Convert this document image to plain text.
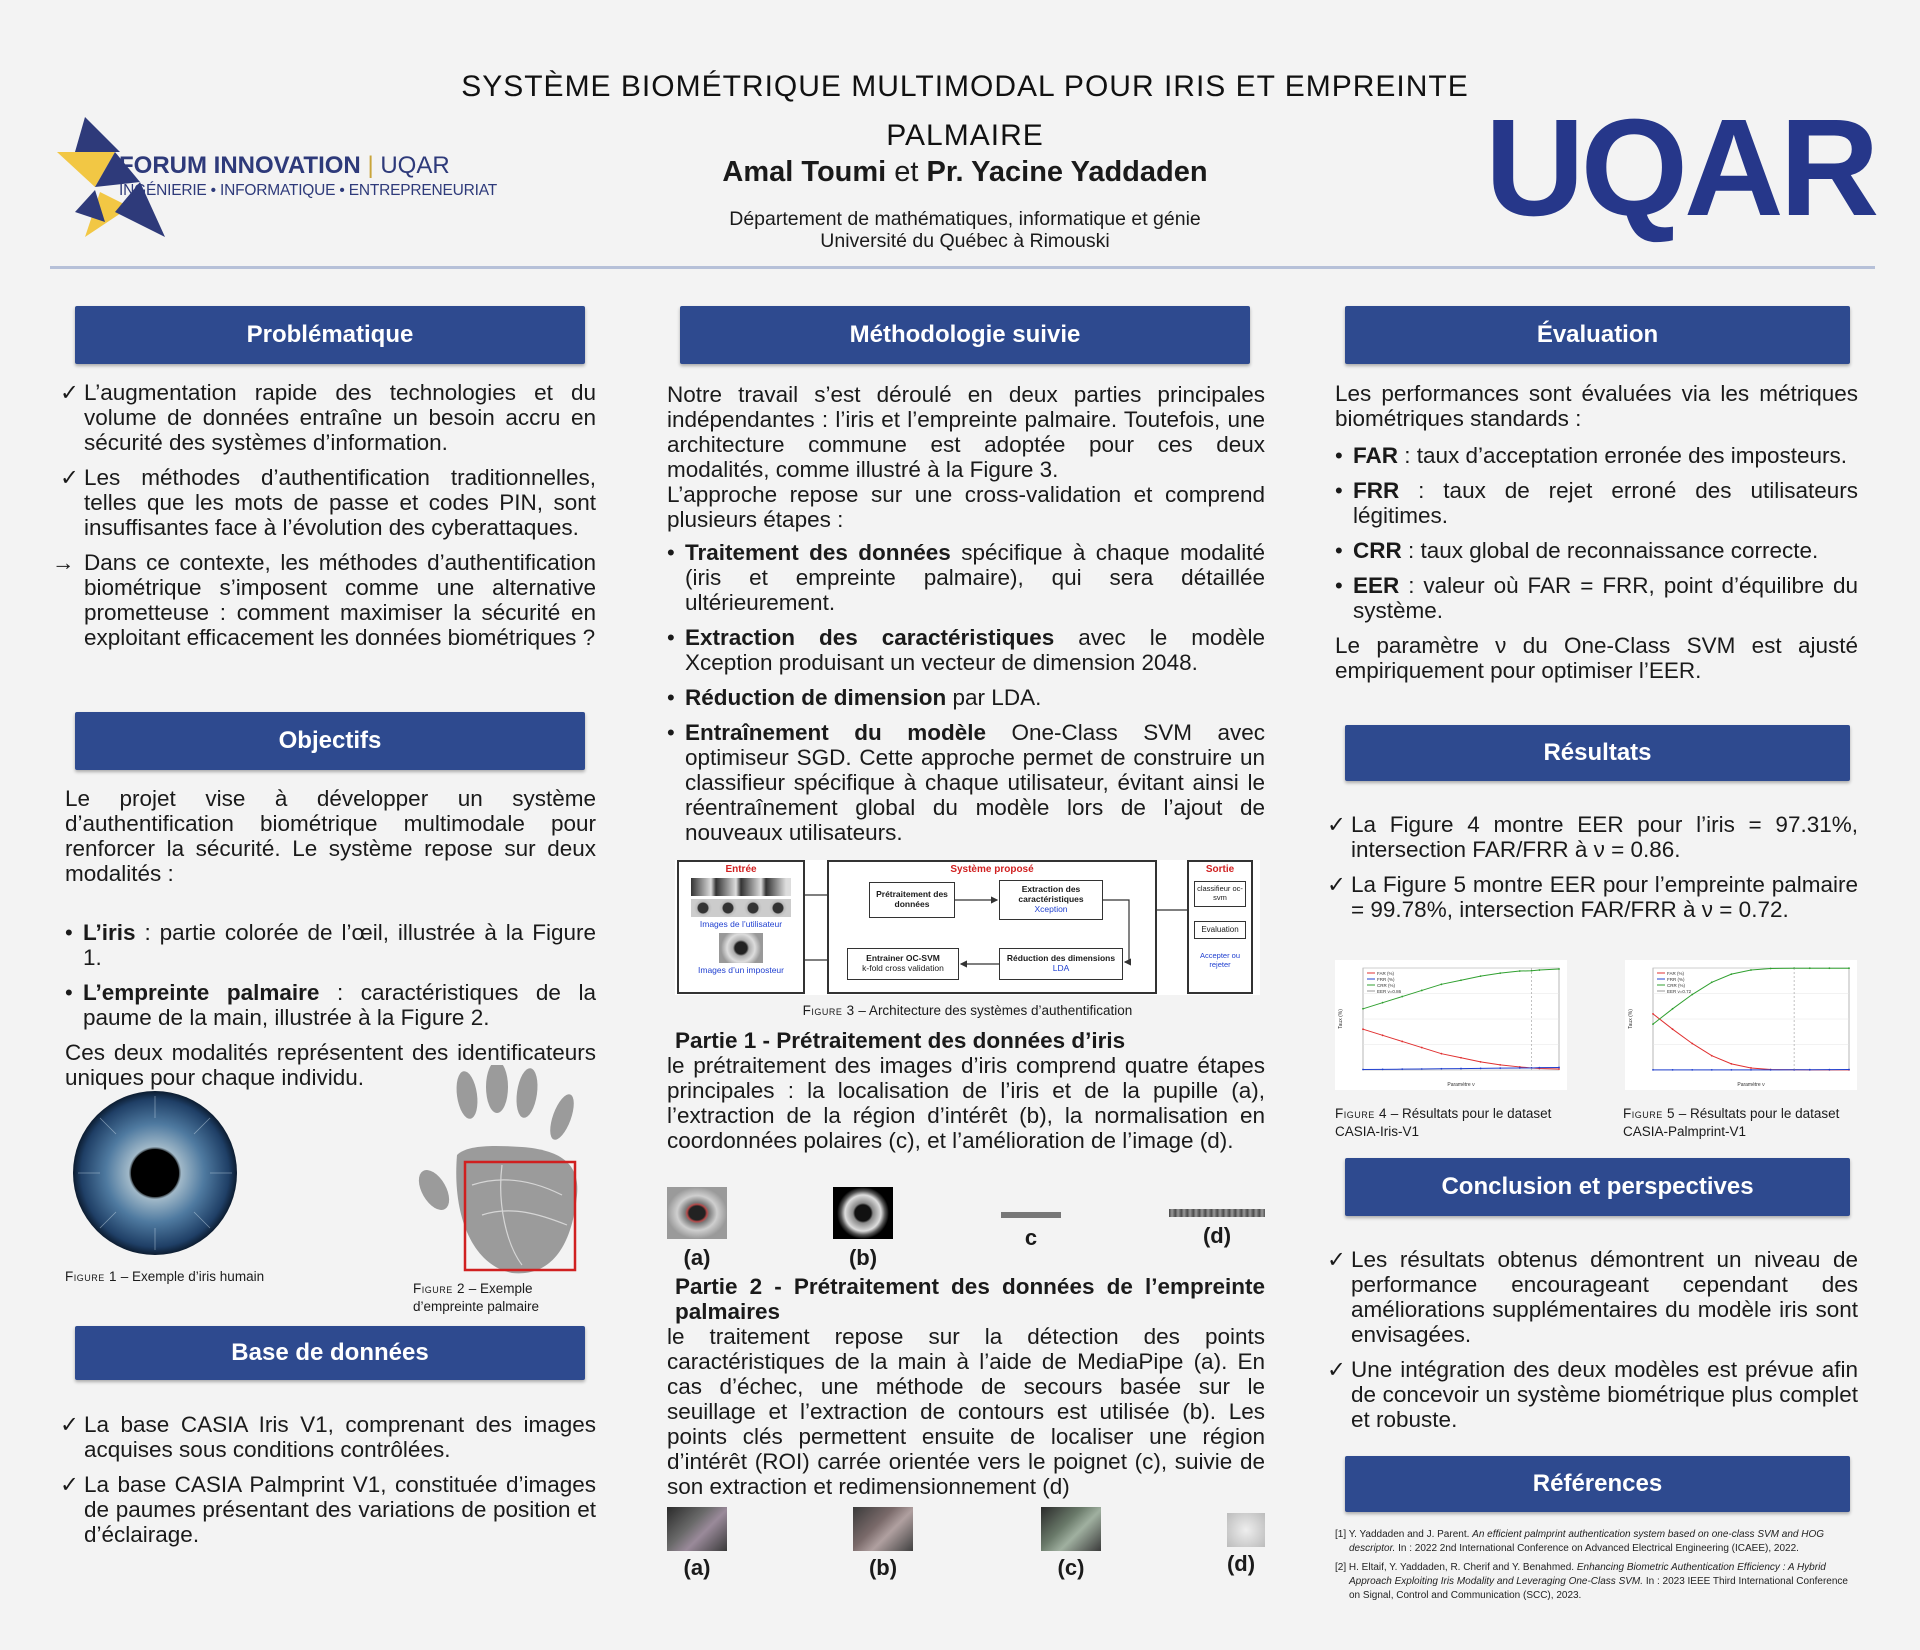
FORUM INNOVATION | UQAR
INGÉNIERIE • INFORMATIQUE • ENTREPRENEURIAT
SYSTÈME BIOMÉTRIQUE MULTIMODAL POUR IRIS ET EMPREINTE
PALMAIRE
Amal Toumi et Pr. Yacine Yaddaden
Département de mathématiques, informatique et génie
Université du Québec à Rimouski	UQAR
Problématique
✓ L’augmentation rapide des technologies et du volume de données entraîne un besoin accru en sécurité des systèmes d’information.
✓ Les méthodes d’authentification traditionnelles, telles que les mots de passe et codes PIN, sont insuffisantes face à l’évolution des cyberattaques.
→ Dans ce contexte, les méthodes d’authentification biométrique s’imposent comme une alternative prometteuse : comment maximiser la sécurité en exploitant efficacement les données biométriques ?
Objectifs

Le projet vise à développer un système d’authentification biométrique multimodale pour renforcer la sécurité. Le système repose sur deux modalités :

• L’iris : partie colorée de l’œil, illustrée à la Figure 1.
• L’empreinte palmaire : caractéristiques de la paume de la main, illustrée à la Figure 2.

Ces deux modalités représentent des identificateurs uniques pour chaque individu.

Figure 1 – Exemple d’iris humain
Figure 2 – Exemple d’empreinte palmaire
Base de données
✓ La base CASIA Iris V1, comprenant des images acquises sous conditions contrôlées.
✓ La base CASIA Palmprint V1, constituée d’images de paumes présentant des variations de position et d’éclairage.
Méthodologie suivie

Notre travail s’est déroulé en deux parties principales indépendantes : l’iris et l’empreinte palmaire. Toutefois, une architecture commune est adoptée pour ces deux modalités, comme illustré à la Figure 3.

L’approche repose sur une cross-validation et comprend plusieurs étapes :

• Traitement des données spécifique à chaque modalité (iris et empreinte palmaire), qui sera détaillée ultérieurement.
• Extraction des caractéristiques avec le modèle Xception produisant un vecteur de dimension 2048.
• Réduction de dimension par LDA.
• Entraînement du modèle One-Class SVM avec optimiseur SGD. Cette approche permet de construire un classifieur spécifique à chaque utilisateur, évitant ainsi le réentraînement global du modèle lors de l’ajout de nouveaux utilisateurs.
Entrée
Images de l’utilisateur
Images d’un imposteur
Système proposé
Prétraitement des données
Extraction des caractéristiques
Xception
Réduction des dimensions
LDA
Entrainer OC-SVM
k-fold cross validation
Sortie
classifieur oc-svm
Evaluation
Accepter ou rejeter
Figure 3 – Architecture des systèmes d’authentification
Partie 1 - Prétraitement des données d’iris

le prétraitement des images d’iris comprend quatre étapes principales : la localisation de l’iris et de la pupille (a), l’extraction de la région d’intérêt (b), la normalisation en coordonnées polaires (c), et l’amélioration de l’image (d).

(a)	(b)
c	(d)
Partie 2 - Prétraitement des données de l’empreinte palmaires

le traitement repose sur la détection des points caractéristiques de la main à l’aide de MediaPipe (a). En cas d’échec, une méthode de secours basée sur le seuillage et l’extraction de contours est utilisée (b). Les points clés permettent ensuite de localiser une région d’intérêt (ROI) carrée orientée vers le poignet (c), suivie de son extraction et redimensionnement (d)

(a)	(b)	(c)	(d)
Évaluation

Les performances sont évaluées via les métriques biométriques standards :

• FAR : taux d’acceptation erronée des imposteurs.
• FRR : taux de rejet erroné des utilisateurs légitimes.
• CRR : taux global de reconnaissance correcte.
• EER : valeur où FAR = FRR, point d’équilibre du système.

Le paramètre ν du One-Class SVM est ajusté empiriquement pour optimiser l’EER.

Résultats
✓ La Figure 4 montre EER pour l’iris = 97.31%, intersection FAR/FRR à ν = 0.86.
✓ La Figure 5 montre EER pour l’empreinte palmaire = 99.78%, intersection FAR/FRR à ν = 0.72.
Paramètre ν
Taux (%)
FAR (%)
FRR (%)
CRR (%)
EER ν=0.86
Paramètre ν
Taux (%)
FAR (%)
FRR (%)
CRR (%)
EER ν=0.72
Figure 4 – Résultats pour le dataset CASIA-Iris-V1
Figure 5 – Résultats pour le dataset CASIA-Palmprint-V1
Conclusion et perspectives
✓ Les résultats obtenus démontrent un niveau de performance encourageant cependant des améliorations supplémentaires du modèle iris sont envisagées.
✓ Une intégration des deux modèles est prévue afin de concevoir un système biométrique plus complet et robuste.
Références

[1] Y. Yaddaden and J. Parent. An efficient palmprint authentication system based on one-class SVM and HOG descriptor. In : 2022 2nd International Conference on Advanced Electrical Engineering (ICAEE), 2022.

[2] H. Eltaif, Y. Yaddaden, R. Cherif and Y. Benahmed. Enhancing Biometric Authentication Efficiency : A Hybrid Approach Exploiting Iris Modality and Leveraging One-Class SVM. In : 2023 IEEE Third International Conference on Signal, Control and Communication (SCC), 2023.
